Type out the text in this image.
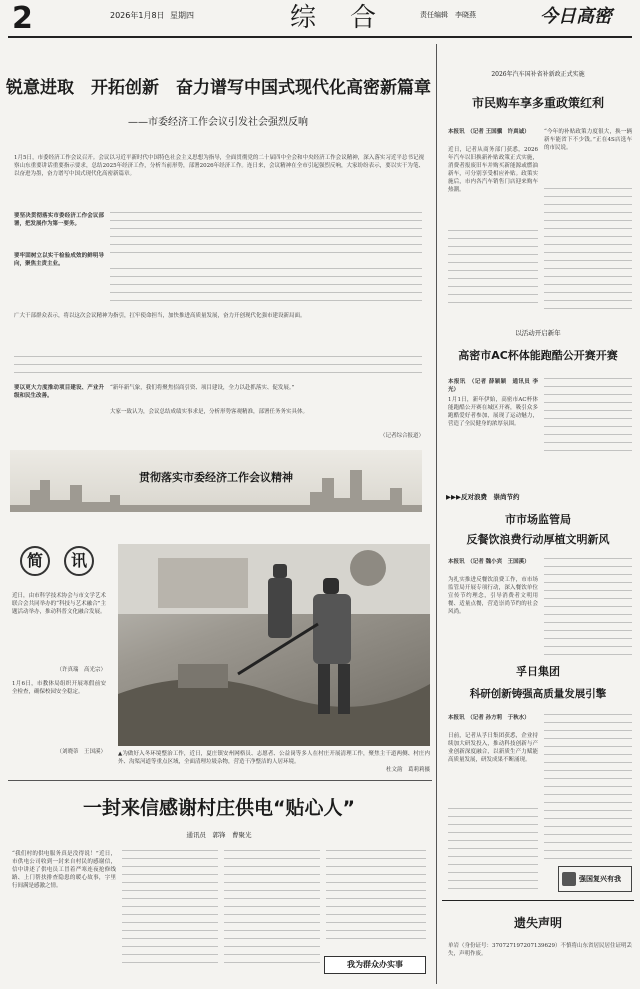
2	2026年1月8日 星期四	综　合	责任编辑　李晓燕	今日高密
锐意进取　开拓创新　奋力谱写中国式现代化高密新篇章
——市委经济工作会议引发社会强烈反响
1月5日，市委经济工作会议召开。会议以习近平新时代中国特色社会主义思想为指导，全面贯彻党的二十届四中全会和中央经济工作会议精神，深入落实习近平总书记视察山东重要讲话重要指示要求，总结2025年经济工作，分析当前形势，部署2026年经济工作。连日来，会议精神在全市引起强烈反响，大家纷纷表示，要以实干为笔、以奋进为墨，奋力谱写中国式现代化高密新篇章。
要坚决贯彻落实市委经济工作会议部署，把发展作为第一要务。
要牢固树立以实干检验成效的鲜明导向，聚焦主责主业。
广大干部群众表示，将以这次会议精神为指引，扛牢使命担当，加快推进高质量发展，奋力开创现代化强市建设新局面。
要以更大力度推动项目建设、产业升级和民生改善。
“新年新气象，我们将聚焦招商引资、项目建设，全力以赴抓落实、促发展。”
大家一致认为，会议总结成绩实事求是，分析形势客观精准，部署任务务实具体。
（记者综合报道）
贯彻落实市委经济工作会议精神
2026年汽车国补省补新政正式实施
市民购车享多重政策红利
本报讯　（记者 王国骥　许真诚）
近日，记者从商务部门获悉，2026年汽车以旧换新补贴政策正式实施，消费者报废旧车并购买新能源或燃油新车，可分别享受相应补贴。政策实施后，市内各汽车销售门店迎来购车热潮。
“今年的补贴政策力度很大，换一辆新车能省下不少钱。”正在4S店选车的市民说。
以活动开启新年
高密市AC杯体能跑酷公开赛开赛
本报讯　（记者 薛颖颖　通讯员 李光）
1月1日，新年伊始，高密市AC杯体能跑酷公开赛在城区开赛，吸引众多跑酷爱好者参加，展现了运动魅力，营造了全民健身的浓厚氛围。
▶▶▶反对浪费　崇尚节约
市市场监管局
反餐饮浪费行动厚植文明新风
本报讯　（记者 魏小宾　王国溪）
为扎实推进反餐饮浪费工作，市市场监管局开展专项行动，深入餐饮单位宣传节约理念，引导消费者文明用餐、适量点餐，营造崇尚节约的社会风尚。
孚日集团
科研创新铸强高质量发展引擎
本报讯　（记者 孙方莉　于秋水）
日前，记者从孚日集团获悉，企业持续加大研发投入，推动科技创新与产业创新深度融合，以新质生产力赋能高质量发展，研发成果不断涌现。
强国复兴有我
遗失声明
单岩（身份证号：370727197207139629）不慎将山东省居民居住证明丢失，声明作废。
简	讯
近日，由市科学技术协会与市文学艺术联合会共同举办的“科技与艺术融合”主题活动举办，推动科普文化融合发展。
（许真瑞　高光宗）
1月6日，市教体局组织开展寒假前安全检查，确保校园安全稳定。
（刘晓蒂　王国溪） ▲为做好入冬环境整治工作，近日，夏庄镇安州网格员、志愿者、公益岗等多人在村庄开展清理工作，聚焦主干道两侧、村庄内外、沟渠河道等重点区域，全面清理垃圾杂物，营造干净整洁的人居环境。
杜文韵　葛莉莉摄
一封来信感谢村庄供电“贴心人”
通讯员　郭锋　曹聚光
“我们村的供电服务真是没得说！”近日，市供电公司收到一封来自村民的感谢信，信中讲述了供电员工冒着严寒连夜抢修线路、上门帮扶排查隐患的暖心故事，字里行间满是感激之情。
我为群众办实事
